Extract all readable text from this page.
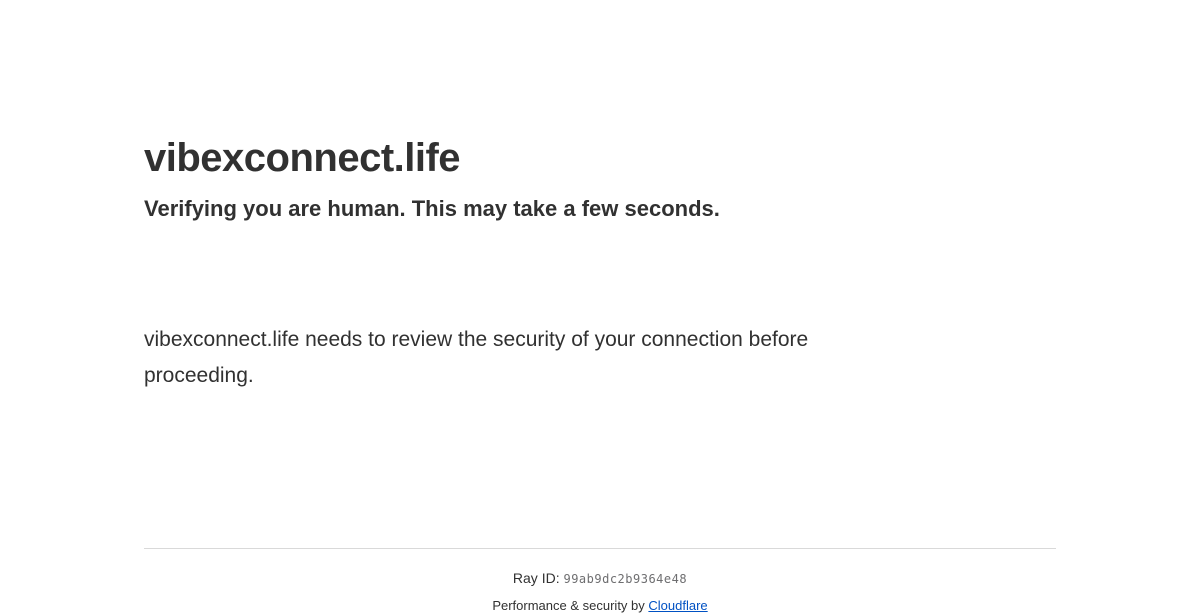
vibexconnect.life
Verifying you are human. This may take a few seconds.

vibexconnect.life needs to review the security of your connection before
proceeding.

Ray ID: 99ab9dc2b9364e48
Performance & security by Cloudflare
